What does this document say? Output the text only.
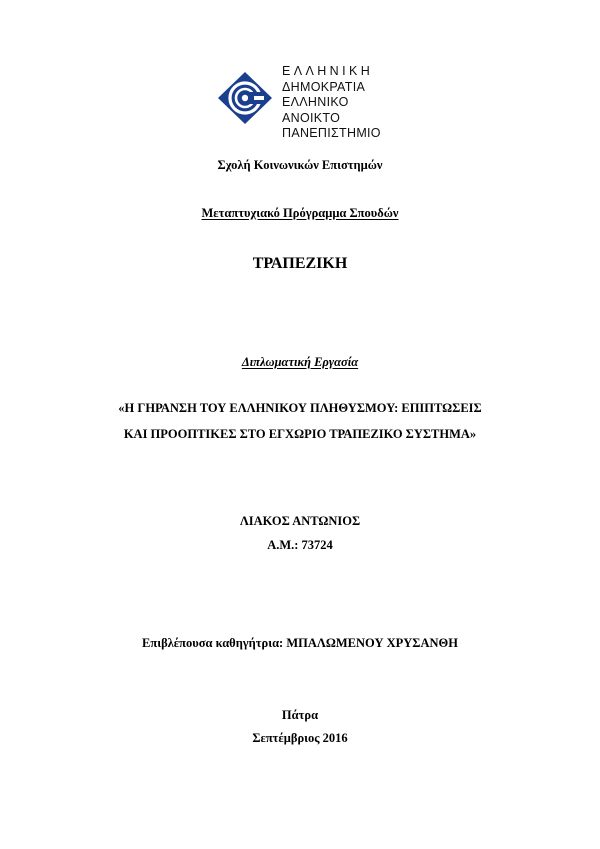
ΕΛΛΗΝΙΚΗ
ΔΗΜΟΚΡΑΤΙΑ
ΕΛΛΗΝΙΚΟ ΑΝΟΙΚΤΟ
ΠΑΝΕΠΙΣΤΗΜΙΟ
Σχολή Κοινωνικών Επιστημών
Μεταπτυχιακό Πρόγραμμα Σπουδών
ΤΡΑΠΕΖΙΚΗ
Διπλωματική Εργασία
«Η ΓΗΡΑΝΣΗ ΤΟΥ ΕΛΛΗΝΙΚΟΥ ΠΛΗΘΥΣΜΟΥ: ΕΠΙΠΤΩΣΕΙΣ
ΚΑΙ ΠΡΟΟΠΤΙΚΕΣ ΣΤΟ ΕΓΧΩΡΙΟ ΤΡΑΠΕΖΙΚΟ ΣΥΣΤΗΜΑ»
ΛΙΑΚΟΣ ΑΝΤΩΝΙΟΣ
Α.Μ.: 73724
Επιβλέπουσα καθηγήτρια: ΜΠΑΛΩΜΕΝΟΥ ΧΡΥΣΑΝΘΗ
Πάτρα
Σεπτέμβριος 2016
